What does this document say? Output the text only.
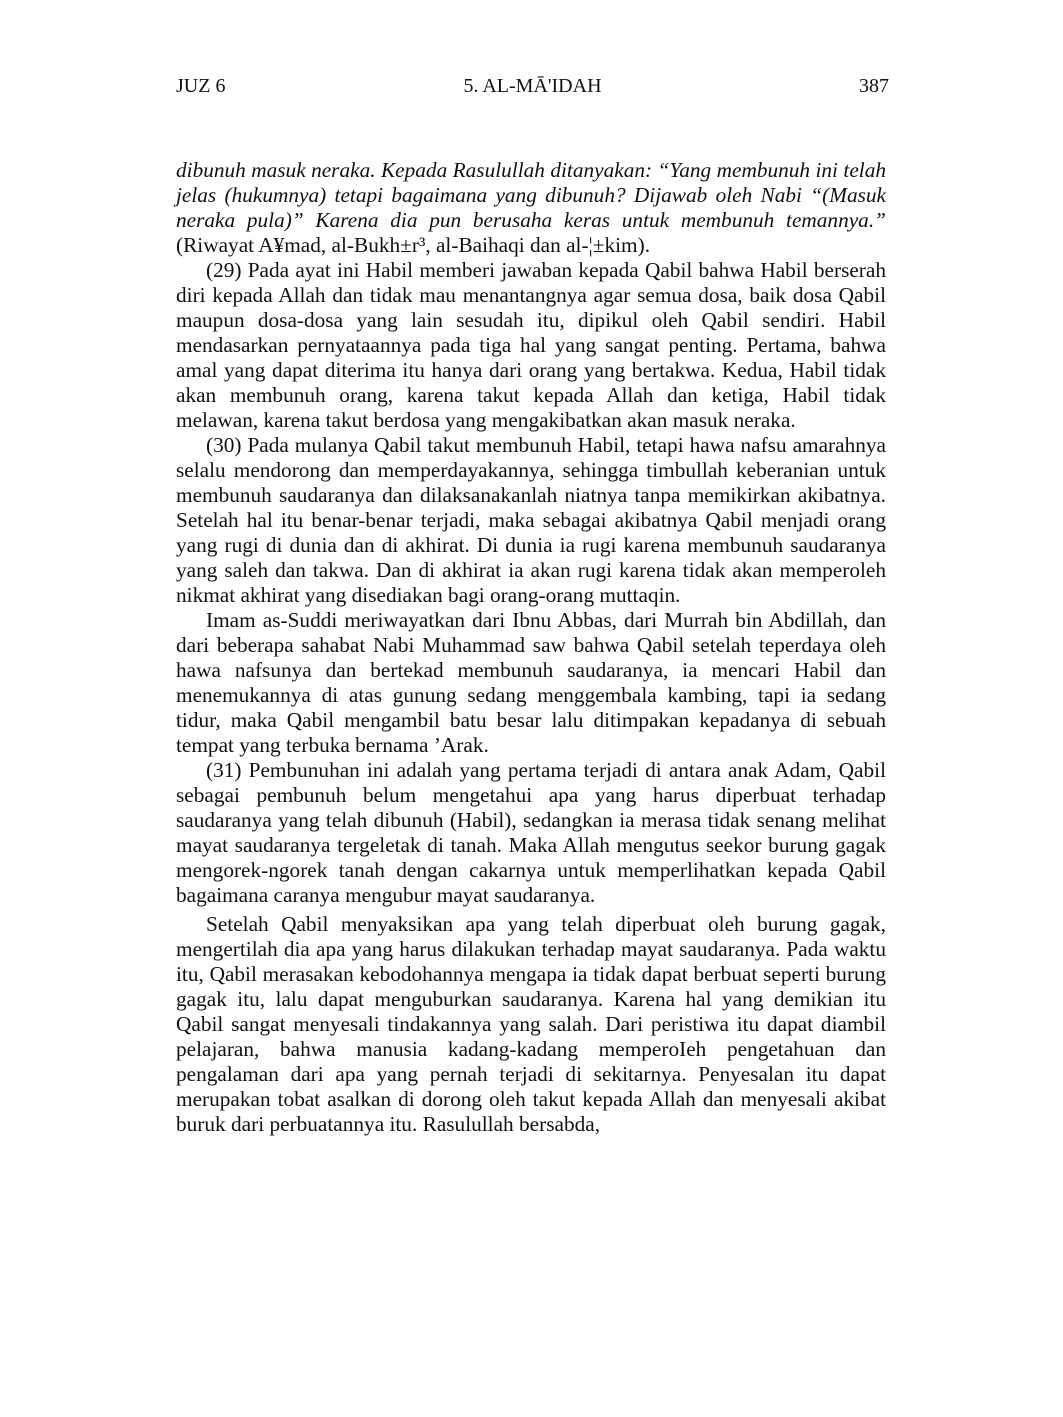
JUZ 6	5. AL-MĀ'IDAH	387

dibunuh masuk neraka. Kepada Rasulullah ditanyakan: “Yang membunuh ini telah jelas (hukumnya) tetapi bagaimana yang dibunuh? Dijawab oleh Nabi “(Masuk neraka pula)” Karena dia pun berusaha keras untuk membunuh temannya.” (Riwayat A¥mad, al-Bukh±r³, al-Baihaqi dan al-¦±kim).

(29) Pada ayat ini Habil memberi jawaban kepada Qabil bahwa Habil berserah diri kepada Allah dan tidak mau menantangnya agar semua dosa, baik dosa Qabil maupun dosa-dosa yang lain sesudah itu, dipikul oleh Qabil sendiri. Habil mendasarkan pernyataannya pada tiga hal yang sangat penting. Pertama, bahwa amal yang dapat diterima itu hanya dari orang yang bertakwa. Kedua, Habil tidak akan membunuh orang, karena takut kepada Allah dan ketiga, Habil tidak melawan, karena takut berdosa yang mengakibatkan akan masuk neraka.

(30) Pada mulanya Qabil takut membunuh Habil, tetapi hawa nafsu amarahnya selalu mendorong dan memperdayakannya, sehingga timbullah keberanian untuk membunuh saudaranya dan dilaksanakanlah niatnya tanpa memikirkan akibatnya. Setelah hal itu benar-benar terjadi, maka sebagai akibatnya Qabil menjadi orang yang rugi di dunia dan di akhirat. Di dunia ia rugi karena membunuh saudaranya yang saleh dan takwa. Dan di akhirat ia akan rugi karena tidak akan memperoleh nikmat akhirat yang disediakan bagi orang-orang muttaqin.

Imam as-Suddi meriwayatkan dari Ibnu Abbas, dari Murrah bin Abdillah, dan dari beberapa sahabat Nabi Muhammad saw bahwa Qabil setelah teperdaya oleh hawa nafsunya dan bertekad membunuh saudaranya, ia mencari Habil dan menemukannya di atas gunung sedang menggembala kambing, tapi ia sedang tidur, maka Qabil mengambil batu besar lalu ditimpakan kepadanya di sebuah tempat yang terbuka bernama ’Arak.

(31) Pembunuhan ini adalah yang pertama terjadi di antara anak Adam, Qabil sebagai pembunuh belum mengetahui apa yang harus diperbuat terhadap saudaranya yang telah dibunuh (Habil), sedangkan ia merasa tidak senang melihat mayat saudaranya tergeletak di tanah. Maka Allah mengutus seekor burung gagak mengorek-ngorek tanah dengan cakarnya untuk memperlihatkan kepada Qabil bagaimana caranya mengubur mayat saudaranya.

Setelah Qabil menyaksikan apa yang telah diperbuat oleh burung gagak, mengertilah dia apa yang harus dilakukan terhadap mayat saudaranya. Pada waktu itu, Qabil merasakan kebodohannya mengapa ia tidak dapat berbuat seperti burung gagak itu, lalu dapat menguburkan saudaranya. Karena hal yang demikian itu Qabil sangat menyesali tindakannya yang salah. Dari peristiwa itu dapat diambil pelajaran, bahwa manusia kadang-kadang memperoIeh pengetahuan dan pengalaman dari apa yang pernah terjadi di sekitarnya. Penyesalan itu dapat merupakan tobat asalkan di dorong oleh takut kepada Allah dan menyesali akibat buruk dari perbuatannya itu. Rasulullah bersabda,
